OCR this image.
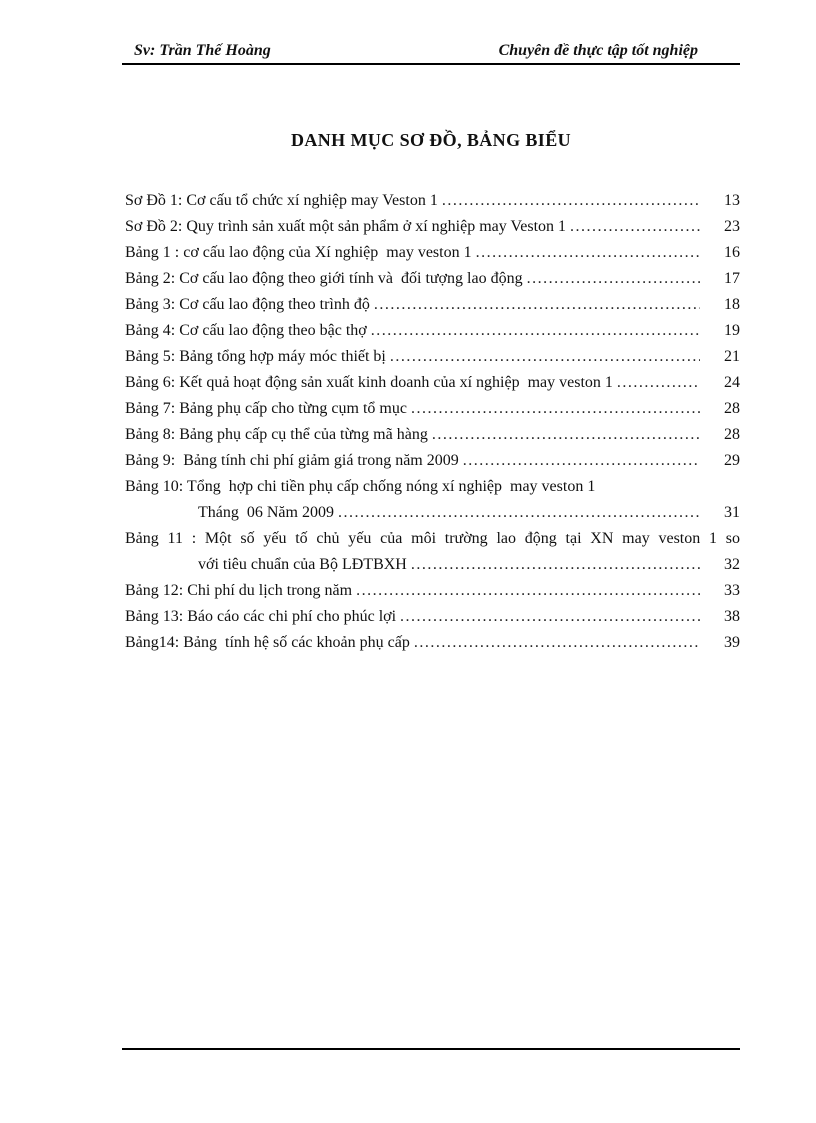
Sv: Trần Thế Hoàng	Chuyên đề thực tập tốt nghiệp
DANH MỤC SƠ ĐỒ, BẢNG BIỂU
Sơ Đồ 1: Cơ cấu tổ chức xí nghiệp may Veston 1 .....	13
Sơ Đồ 2: Quy trình sản xuất một sản phẩm ở xí nghiệp may Veston 1 .....	23
Bảng 1 : cơ cấu lao động của Xí nghiệp  may veston 1 .....	16
Bảng 2: Cơ cấu lao động theo giới tính và  đối tượng lao động .....	17
Bảng 3: Cơ cấu lao động theo trình độ .....	18
Bảng 4: Cơ cấu lao động theo bậc thợ .....	19
Bảng 5: Bảng tổng hợp máy móc thiết bị .....	21
Bảng 6: Kết quả hoạt động sản xuất kinh doanh của xí nghiệp  may veston 1 .....	24
Bảng 7: Bảng phụ cấp cho từng cụm tổ mục .....	28
Bảng 8: Bảng phụ cấp cụ thể của từng mã hàng .....	28
Bảng 9:  Bảng tính chi phí giảm giá trong năm 2009 .....	29
Bảng 10: Tổng  hợp chi tiền phụ cấp chống nóng xí nghiệp  may veston 1
Tháng  06 Năm 2009 .....	31
Bảng 11 : Một số yếu tố chủ yếu của môi trường lao động tại XN may veston 1 so
với tiêu chuẩn của Bộ LĐTBXH .....	32
Bảng 12: Chi phí du lịch trong năm .....	33
Bảng 13: Báo cáo các chi phí cho phúc lợi .....	38
Bảng14: Bảng  tính hệ số các khoản phụ cấp .....	39
